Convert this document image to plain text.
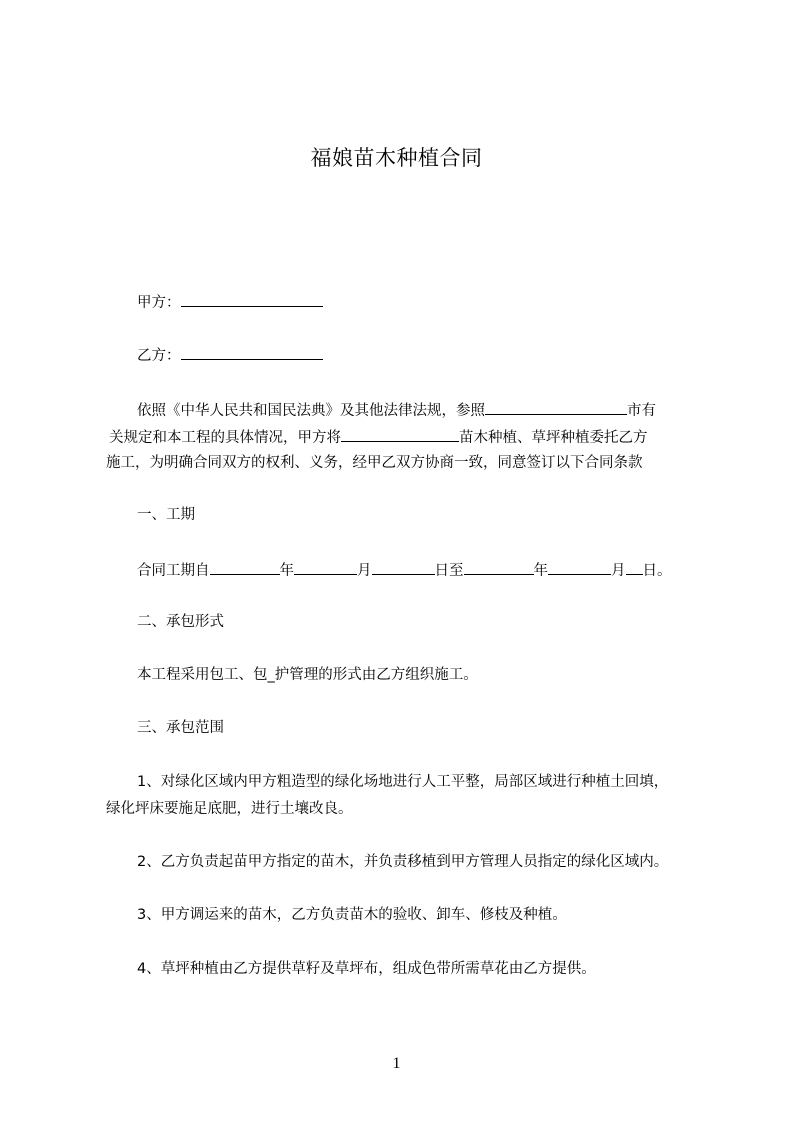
福娘苗木种植合同
甲方：
乙方：
依照《中华人民共和国民法典》及其他法律法规，参照	市有
关规定和本工程的具体情况，甲方将	苗木种植、草坪种植委托乙方
施工，为明确合同双方的权利、义务，经甲乙双方协商一致，同意签订以下合同条款
一、工期
合同工期自	年	月	日至	年	月 日。
二、承包形式
本工程采用包工、包_护管理的形式由乙方组织施工。
三、承包范围
1、对绿化区域内甲方粗造型的绿化场地进行人工平整，局部区域进行种植土回填，
绿化坪床要施足底肥，进行土壤改良。
2、乙方负责起苗甲方指定的苗木，并负责移植到甲方管理人员指定的绿化区域内。
3、甲方调运来的苗木，乙方负责苗木的验收、卸车、修枝及种植。
4、草坪种植由乙方提供草籽及草坪布，组成色带所需草花由乙方提供。
1
